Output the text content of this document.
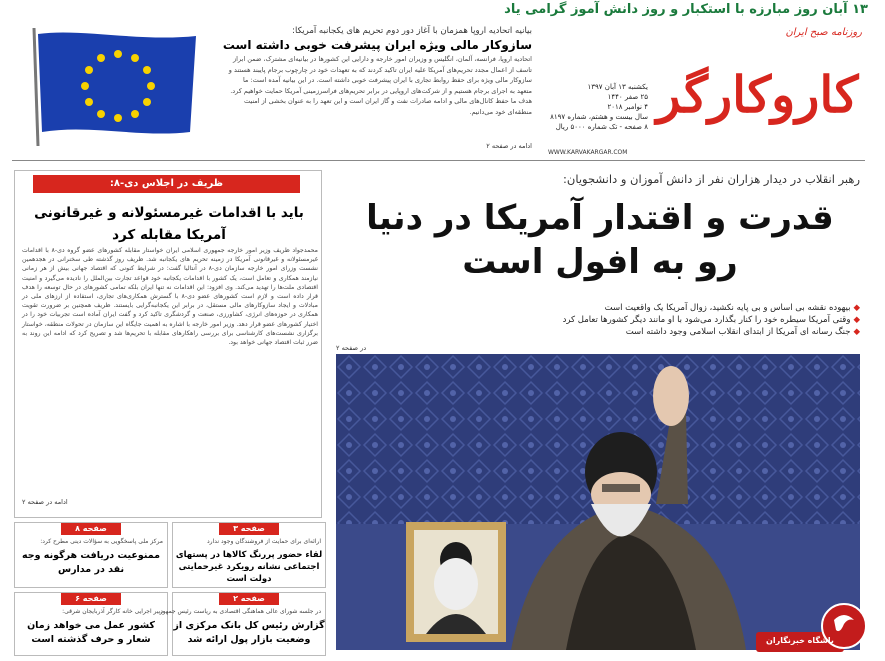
۱۳ آبان روز مبارزه با استکبار و روز دانش آموز گرامی یاد
روزنامه صبح ایران
کاروکارگر
یکشنبه ۱۳ آبان ۱۳۹۷
۲۵ صفر ۱۴۴۰
۴ نوامبر ۲۰۱۸
سال بیست و هشتم، شماره ۸۱۹۷
۸ صفحه - تک شماره ۵۰۰۰ ریال
WWW.KARVAKARGAR.COM
بیانیه اتحادیه اروپا همزمان با آغاز دور دوم تحریم های یکجانبه آمریکا:
سازوکار مالی ویژه ایران پیشرفت خوبی داشته است
اتحادیه اروپا، فرانسه، آلمان، انگلیس و وزیران امور خارجه و دارایی این کشورها در بیانیه‌ای مشترک، ضمن ابراز تاسف از اعمال مجدد تحریم‌های آمریکا علیه ایران تاکید کردند که به تعهدات خود در چارچوب برجام پایبند هستند و سازوکار مالی ویژه برای حفظ روابط تجاری با ایران پیشرفت خوبی داشته است. در این بیانیه آمده است: ما متعهد به اجرای برجام هستیم و از شرکت‌های اروپایی در برابر تحریم‌های فراسرزمینی آمریکا حمایت خواهیم کرد. هدف ما حفظ کانال‌های مالی و ادامه صادرات نفت و گاز ایران است و این تعهد را به عنوان بخشی از امنیت منطقه‌ای خود می‌دانیم.
ادامه در صفحه ۲
ظریف در اجلاس دی-۸:
باید با اقدامات غیرمسئولانه و غیرقانونی آمریکا مقابله کرد
محمدجواد ظریف وزیر امور خارجه جمهوری اسلامی ایران خواستار مقابله کشورهای عضو گروه دی-۸ با اقدامات غیرمسئولانه و غیرقانونی آمریکا در زمینه تحریم های یکجانبه شد. ظریف روز گذشته طی سخنرانی در هجدهمین نشست وزرای امور خارجه سازمان دی-۸ در آنتالیا گفت: در شرایط کنونی که اقتصاد جهانی بیش از هر زمانی نیازمند همکاری و تعامل است، یک کشور با اقدامات یکجانبه خود قواعد تجارت بین‌الملل را نادیده می‌گیرد و امنیت اقتصادی ملت‌ها را تهدید می‌کند. وی افزود: این اقدامات نه تنها ایران بلکه تمامی کشورهای در حال توسعه را هدف قرار داده است و لازم است کشورهای عضو دی-۸ با گسترش همکاری‌های تجاری، استفاده از ارزهای ملی در مبادلات و ایجاد سازوکارهای مالی مستقل، در برابر این یکجانبه‌گرایی بایستند. ظریف همچنین بر ضرورت تقویت همکاری در حوزه‌های انرژی، کشاورزی، صنعت و گردشگری تاکید کرد و گفت ایران آماده است تجربیات خود را در اختیار کشورهای عضو قرار دهد. وزیر امور خارجه با اشاره به اهمیت جایگاه این سازمان در تحولات منطقه، خواستار برگزاری نشست‌های کارشناسی برای بررسی راهکارهای مقابله با تحریم‌ها شد و تصریح کرد که ادامه این روند به ضرر ثبات اقتصاد جهانی خواهد بود.
ادامه در صفحه ۲
رهبر انقلاب در دیدار هزاران نفر از دانش آموزان و دانشجویان:
قدرت و اقتدار آمریکا در دنیا
رو به افول است
◆ بیهوده نقشه بی اساس و بی پایه نکشید، زوال آمریکا یک واقعیت است
◆ وقتی آمریکا سیطره خود را کنار بگذارد می‌شود با او مانند دیگر کشورها تعامل کرد
◆ جنگ رسانه ای آمریکا از ابتدای انقلاب اسلامی وجود داشته است
در صفحه ۲
صفحه ۸
مرکز ملی پاسخگویی به سؤالات دینی مطرح کرد:
ممنوعیت دریافت هرگونه وجه نقد در مدارس
صفحه ۳
ارائه‌ای برای حمایت از فروشندگان وجود ندارد
لقاء حضور پررنگ کالاها در پستهای اجتماعی نشانه رویکرد غیرحمایتی دولت است
صفحه ۶
دبیر اجرایی خانه کارگر آذربایجان شرقی:
کشور عمل می خواهد زمان شعار و حرف گذشته است
صفحه ۲
در جلسه شورای عالی هماهنگی اقتصادی به ریاست رئیس جمهور
گزارش رئیس کل بانک مرکزی از وضعیت بازار پول ارائه شد	باشگاه خبرنگاران
